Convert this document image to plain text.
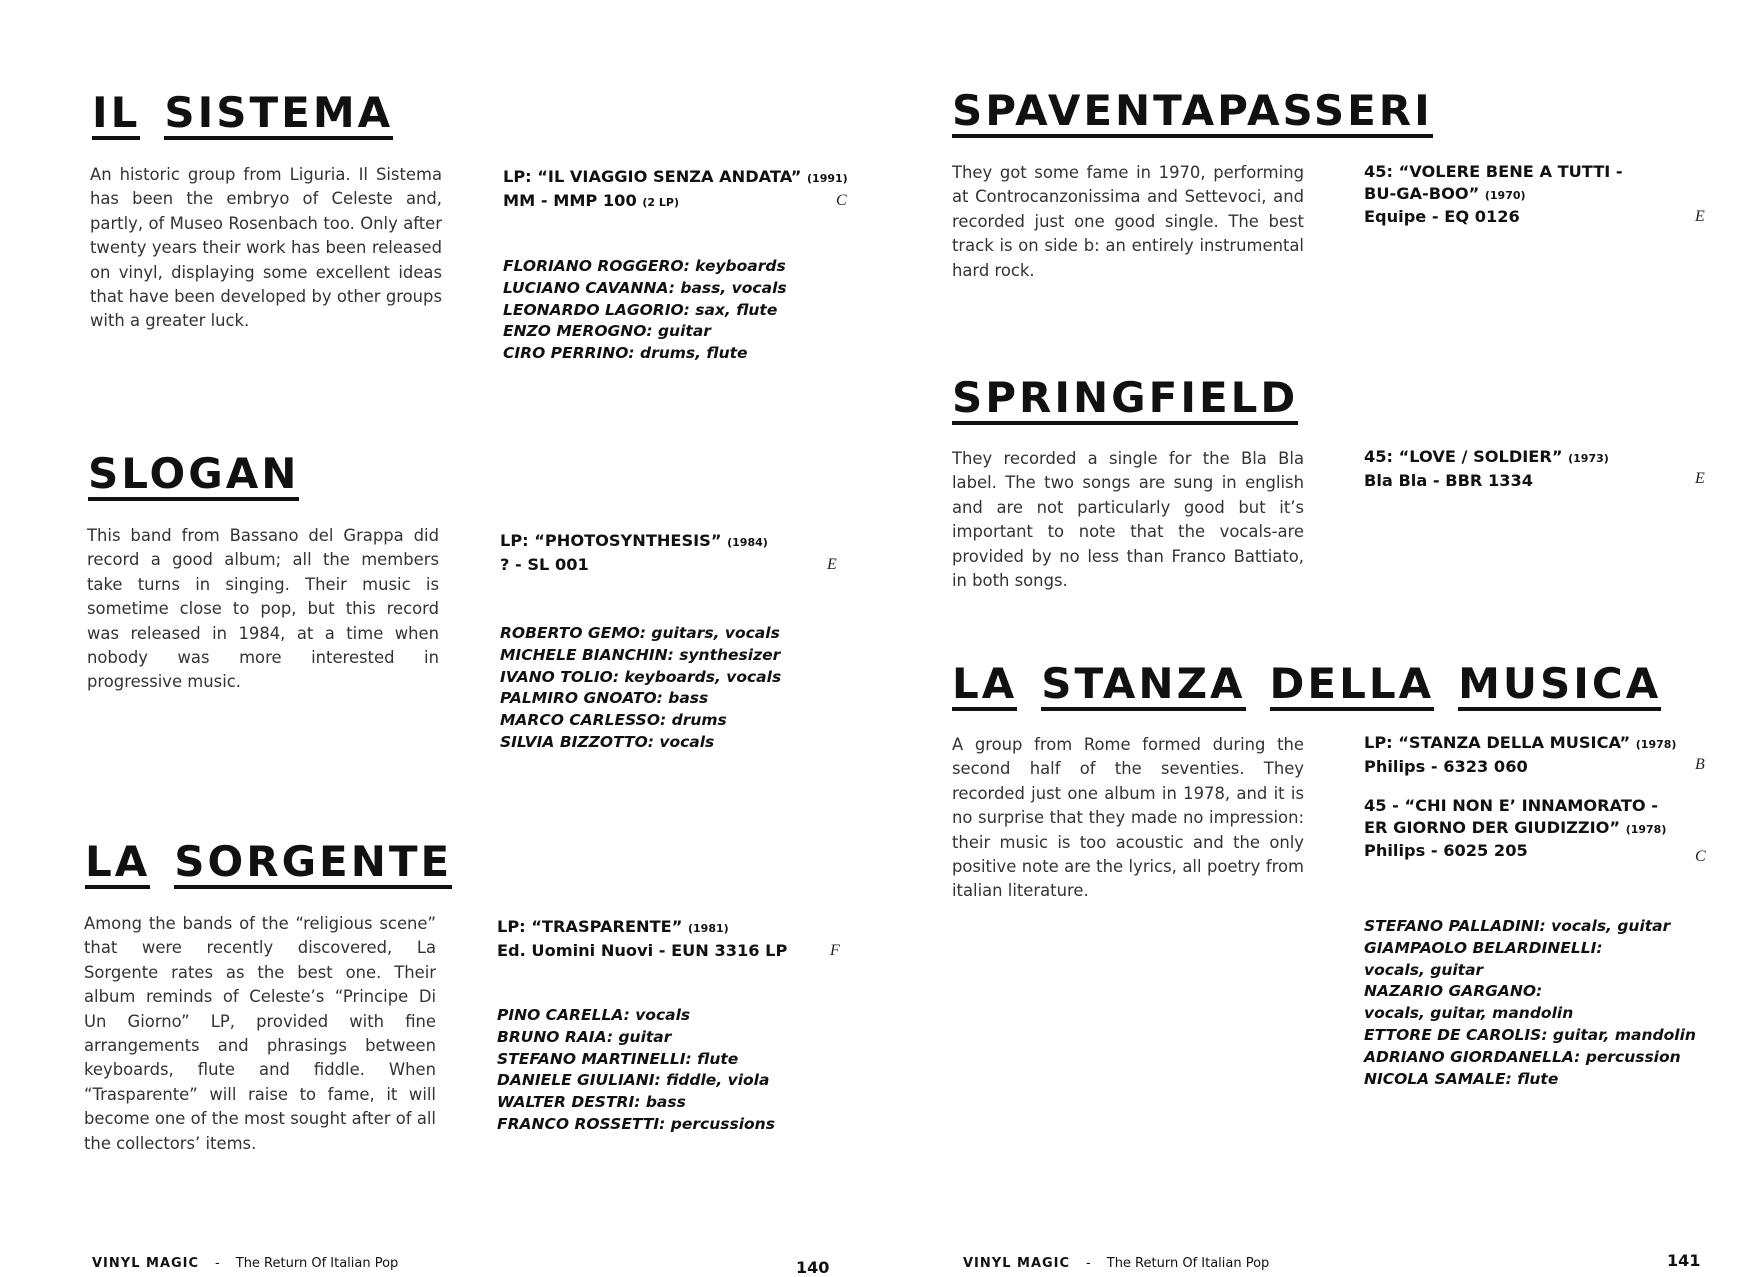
IL SISTEMA
An historic group from Liguria. Il Sistema has been the embryo of Celeste and, partly, of Museo Rosenbach too. Only after twenty years their work has been released on vinyl, displaying some excellent ideas that have been developed by other groups with a greater luck.
LP: “IL VIAGGIO SENZA ANDATA” (1991)
MM - MMP 100 (2 LP)	C
FLORIANO ROGGERO: keyboards
LUCIANO CAVANNA: bass, vocals
LEONARDO LAGORIO: sax, flute
ENZO MEROGNO: guitar
CIRO PERRINO: drums, flute
SLOGAN
This band from Bassano del Grappa did record a good album; all the members take turns in singing. Their music is sometime close to pop, but this record was released in 1984, at a time when nobody was more interested in progressive music.
LP: “PHOTOSYNTHESIS” (1984)
? - SL 001	E
ROBERTO GEMO: guitars, vocals
MICHELE BIANCHIN: synthesizer
IVANO TOLIO: keyboards, vocals
PALMIRO GNOATO: bass
MARCO CARLESSO: drums
SILVIA BIZZOTTO: vocals
LA SORGENTE
Among the bands of the “religious scene” that were recently discovered, La Sorgente rates as the best one. Their album reminds of Celeste’s “Principe Di Un Giorno” LP, provided with fine arrangements and phrasings between keyboards, flute and fiddle. When “Trasparente” will raise to fame, it will become one of the most sought after of all the collectors’ items.
LP: “TRASPARENTE” (1981)
Ed. Uomini Nuovi - EUN 3316 LP	F
PINO CARELLA: vocals
BRUNO RAIA: guitar
STEFANO MARTINELLI: flute
DANIELE GIULIANI: fiddle, viola
WALTER DESTRI: bass
FRANCO ROSSETTI: percussions
VINYL MAGIC - The Return Of Italian Pop	140
SPAVENTAPASSERI
They got some fame in 1970, performing at Controcanzonissima and Settevoci, and recorded just one good single. The best track is on side b: an entirely instrumental hard rock.
45: “VOLERE BENE A TUTTI -
BU-GA-BOO” (1970)
Equipe - EQ 0126	E
SPRINGFIELD
They recorded a single for the Bla Bla label. The two songs are sung in english and are not particularly good but it’s important to note that the vocals-are provided by no less than Franco Battiato, in both songs.
45: “LOVE / SOLDIER” (1973)
Bla Bla - BBR 1334	E
LA STANZA DELLA MUSICA
A group from Rome formed during the second half of the seventies. They recorded just one album in 1978, and it is no surprise that they made no impression: their music is too acoustic and the only positive note are the lyrics, all poetry from italian literature.
LP: “STANZA DELLA MUSICA” (1978)
Philips - 6323 060
45 - “CHI NON E’ INNAMORATO -
ER GIORNO DER GIUDIZZIO” (1978)
Philips - 6025 205
B
C
STEFANO PALLADINI: vocals, guitar
GIAMPAOLO BELARDINELLI:
vocals, guitar
NAZARIO GARGANO:
vocals, guitar, mandolin
ETTORE DE CAROLIS: guitar, mandolin
ADRIANO GIORDANELLA: percussion
NICOLA SAMALE: flute
VINYL MAGIC - The Return Of Italian Pop	141
